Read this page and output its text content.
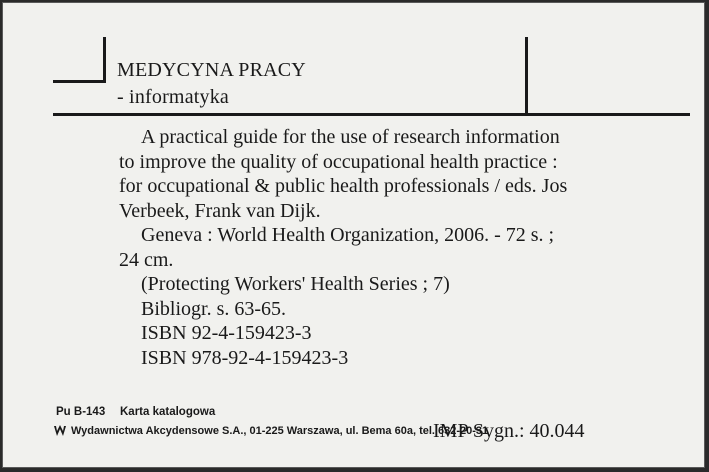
MEDYCYNA PRACY
- informatyka
A practical guide for the use of research information
to improve the quality of occupational health practice :
for occupational & public health professionals / eds. Jos
Verbeek, Frank van Dijk.
Geneva : World Health Organization, 2006. - 72 s. ;
24 cm.
(Protecting Workers' Health Series ; 7)
Bibliogr. s. 63-65.
ISBN 92-4-159423-3
ISBN 978-92-4-159423-3
Pu B-143 Karta katalogowa
Wydawnictwa Akcydensowe S.A., 01-225 Warszawa, ul. Bema 60a, tel. 632-20-31
IMP Sygn.: 40.044
